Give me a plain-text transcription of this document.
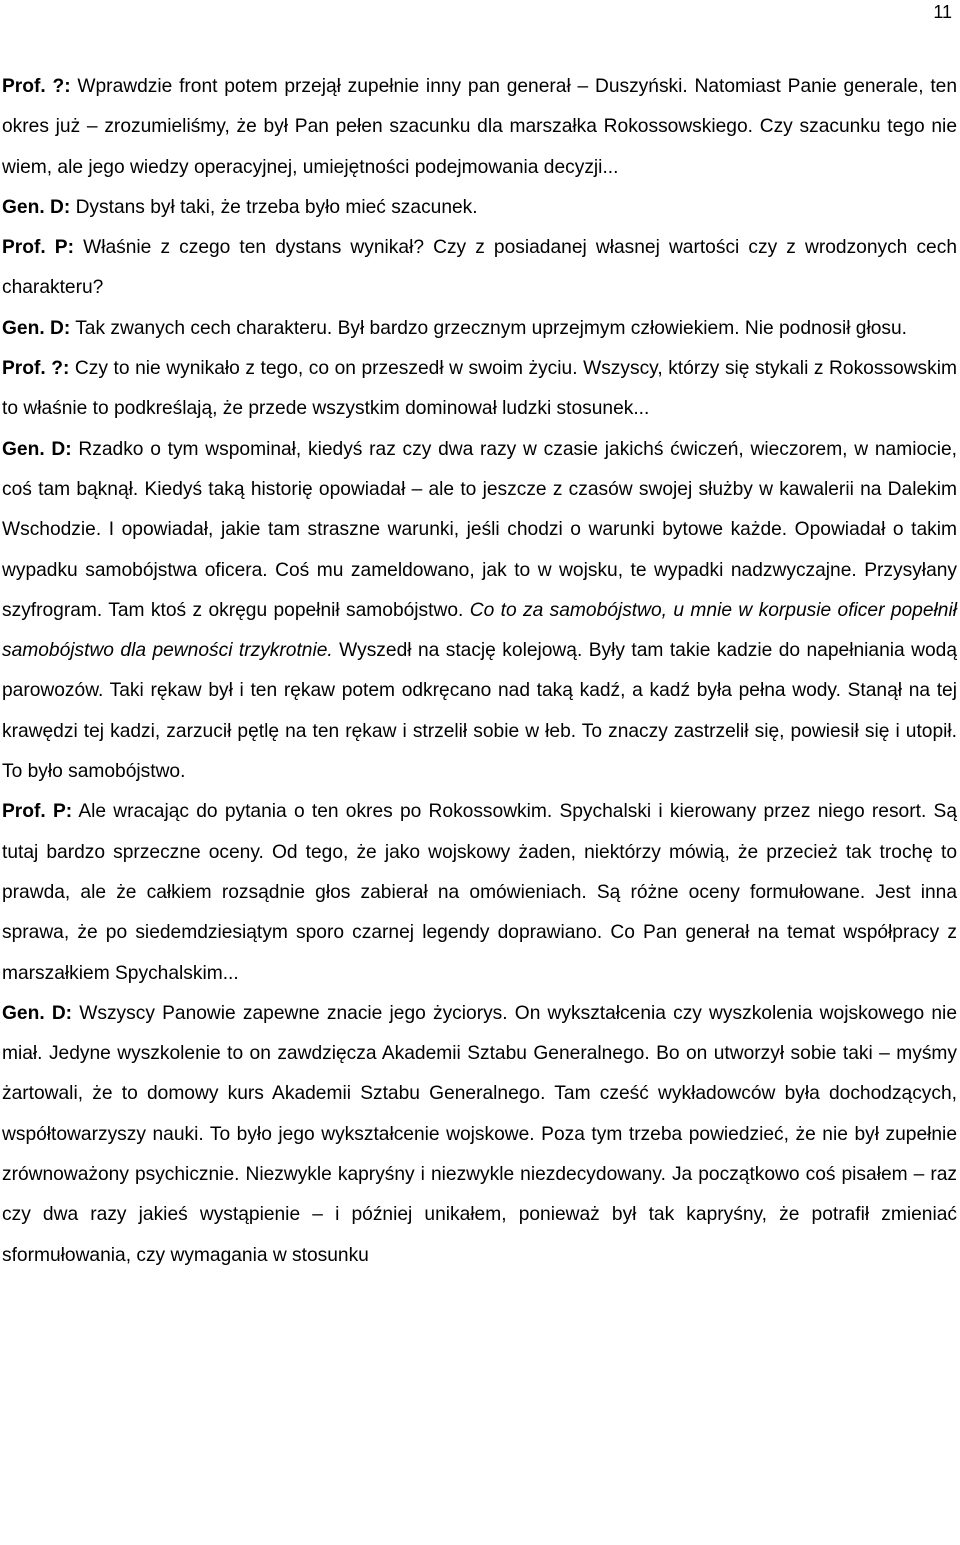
11

Prof. ?: Wprawdzie front potem przejął zupełnie inny pan generał – Duszyński. Natomiast Panie generale, ten okres już – zrozumieliśmy, że był Pan pełen szacunku dla marszałka Rokossowskiego. Czy szacunku tego nie wiem, ale jego wiedzy operacyjnej, umiejętności podejmowania decyzji...

Gen. D: Dystans był taki, że trzeba było mieć szacunek.

Prof. P: Właśnie z czego ten dystans wynikał? Czy z posiadanej własnej wartości czy z wrodzonych cech charakteru?

Gen. D: Tak zwanych cech charakteru. Był bardzo grzecznym uprzejmym człowiekiem. Nie podnosił głosu.

Prof. ?: Czy to nie wynikało z tego, co on przeszedł w swoim życiu. Wszyscy, którzy się stykali z Rokossowskim to właśnie to podkreślają, że przede wszystkim dominował ludzki stosunek...

Gen. D: Rzadko o tym wspominał, kiedyś raz czy dwa razy w czasie jakichś ćwiczeń, wieczorem, w namiocie, coś tam bąknął. Kiedyś taką historię opowiadał – ale to jeszcze z czasów swojej służby w kawalerii na Dalekim Wschodzie. I opowiadał, jakie tam straszne warunki, jeśli chodzi o warunki bytowe każde. Opowiadał o takim wypadku samobójstwa oficera. Coś mu zameldowano, jak to w wojsku, te wypadki nadzwyczajne. Przysyłany szyfrogram. Tam ktoś z okręgu popełnił samobójstwo. Co to za samobójstwo, u mnie w korpusie oficer popełnił samobójstwo dla pewności trzykrotnie. Wyszedł na stację kolejową. Były tam takie kadzie do napełniania wodą parowozów. Taki rękaw był i ten rękaw potem odkręcano nad taką kadź, a kadź była pełna wody. Stanął na tej krawędzi tej kadzi, zarzucił pętlę na ten rękaw i strzelił sobie w łeb. To znaczy zastrzelił się, powiesił się i utopił. To było samobójstwo.

Prof. P: Ale wracając do pytania o ten okres po Rokossowkim. Spychalski i kierowany przez niego resort. Są tutaj bardzo sprzeczne oceny. Od tego, że jako wojskowy żaden, niektórzy mówią, że przecież tak trochę to prawda, ale że całkiem rozsądnie głos zabierał na omówieniach. Są różne oceny formułowane. Jest inna sprawa, że po siedemdziesiątym sporo czarnej legendy doprawiano. Co Pan generał na temat współpracy z marszałkiem Spychalskim...

Gen. D: Wszyscy Panowie zapewne znacie jego życiorys. On wykształcenia czy wyszkolenia wojskowego nie miał. Jedyne wyszkolenie to on zawdzięcza Akademii Sztabu Generalnego. Bo on utworzył sobie taki – myśmy żartowali, że to domowy kurs Akademii Sztabu Generalnego. Tam cześć wykładowców była dochodzących, współtowarzyszy nauki. To było jego wykształcenie wojskowe. Poza tym trzeba powiedzieć, że nie był zupełnie zrównoważony psychicznie. Niezwykle kapryśny i niezwykle niezdecydowany. Ja początkowo coś pisałem – raz czy dwa razy jakieś wystąpienie – i później unikałem, ponieważ był tak kapryśny, że potrafił zmieniać sformułowania, czy wymagania w stosunku
